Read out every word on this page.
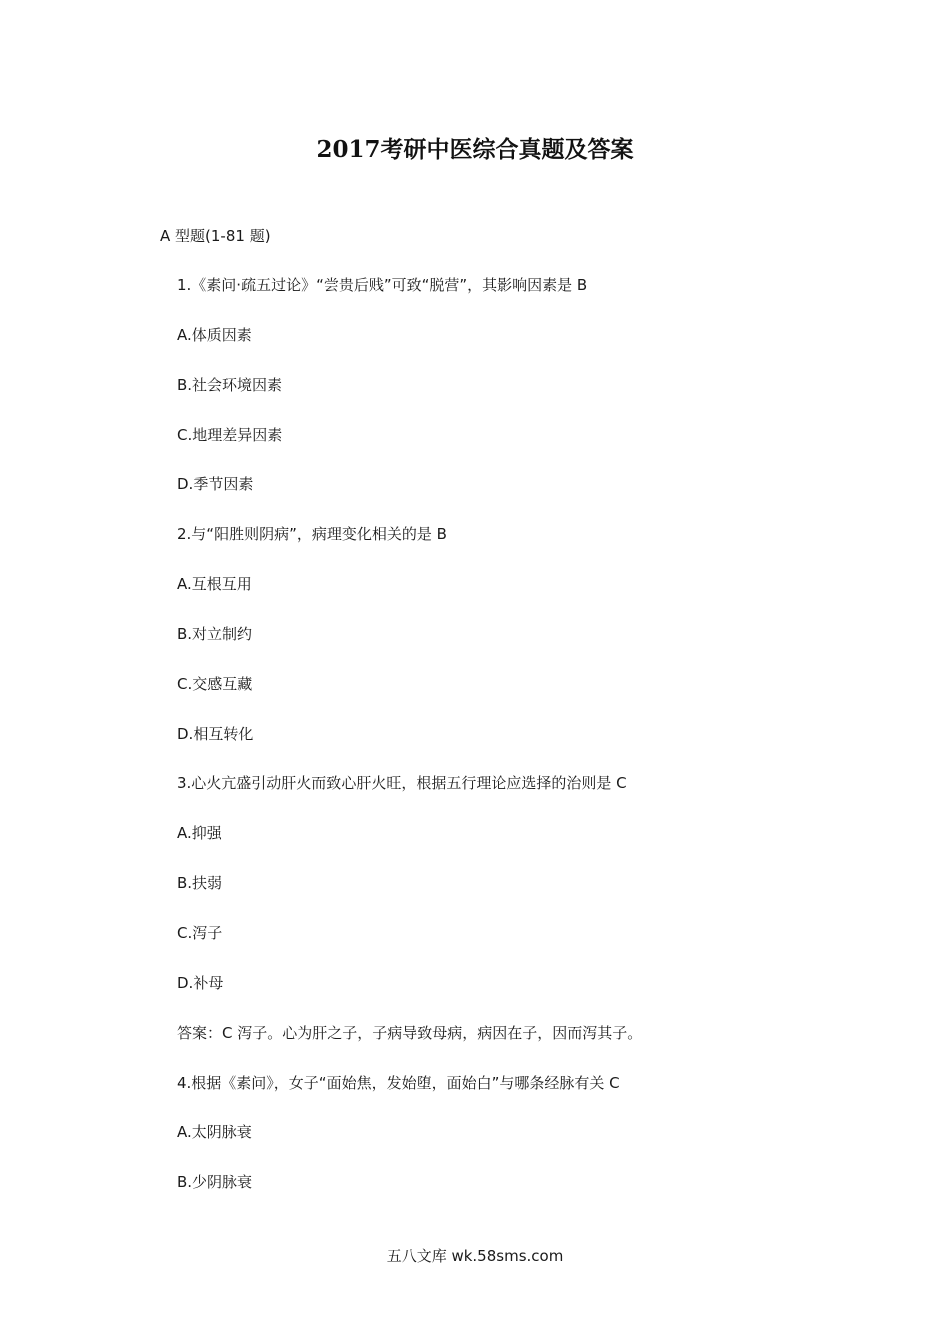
2017考研中医综合真题及答案
A 型题(1-81 题)
1.《素问·疏五过论》“尝贵后贱”可致“脱营”，其影响因素是 B
A.体质因素
B.社会环境因素
C.地理差异因素
D.季节因素
2.与“阳胜则阴病”，病理变化相关的是 B
A.互根互用
B.对立制约
C.交感互藏
D.相互转化
3.心火亢盛引动肝火而致心肝火旺，根据五行理论应选择的治则是 C
A.抑强
B.扶弱
C.泻子
D.补母
答案：C 泻子。心为肝之子，子病导致母病，病因在子，因而泻其子。
4.根据《素问》，女子“面始焦，发始堕，面始白”与哪条经脉有关 C
A.太阴脉衰
B.少阴脉衰
五八文库 wk.58sms.com
